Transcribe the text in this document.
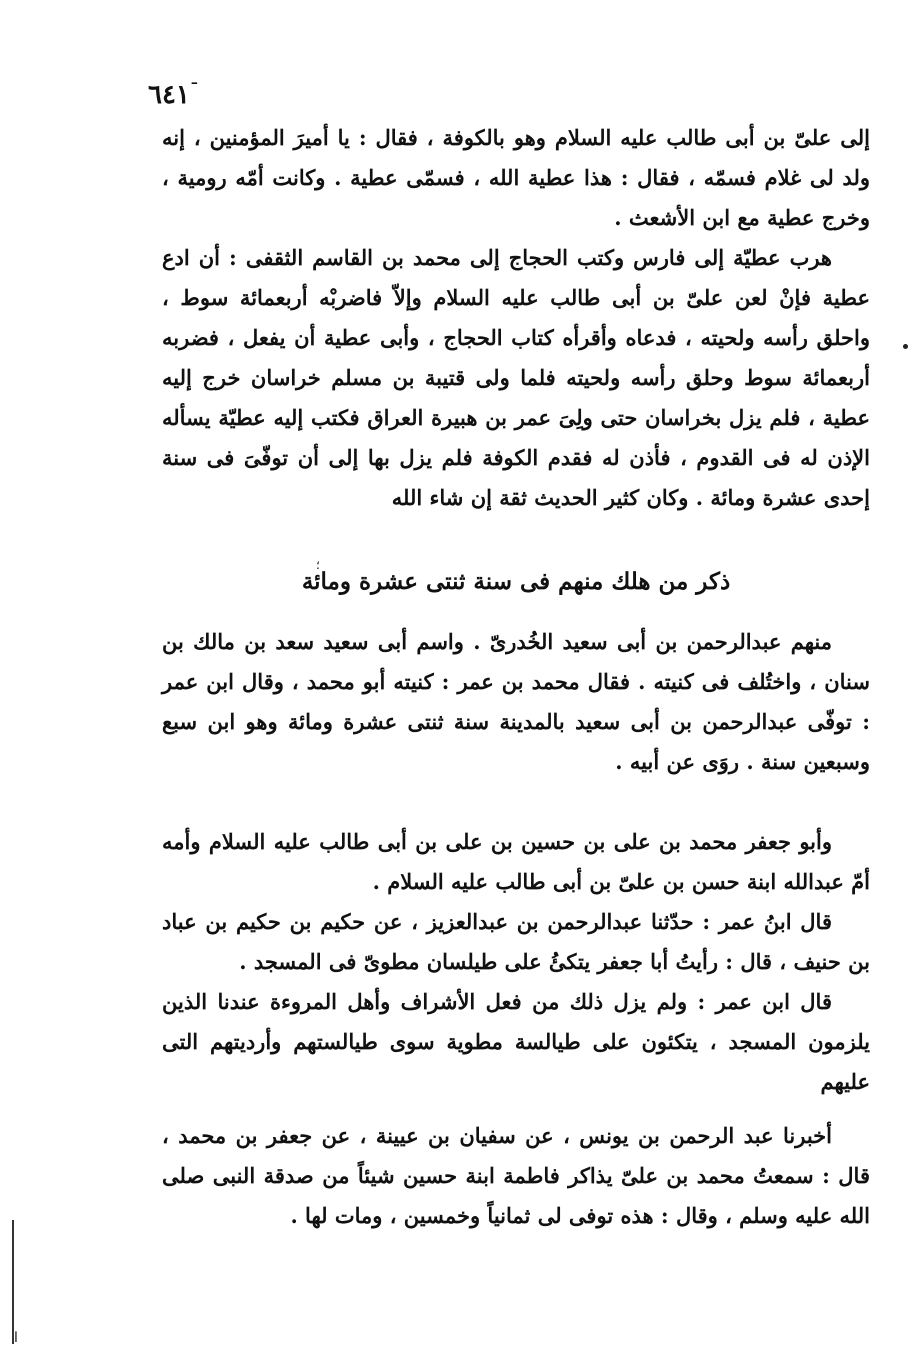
$^ˉ$٦٤١

إلى علىّ بن أبى طالب عليه السلام وهو بالكوفة ، فقال : يا أميرَ المؤمنين ، إنه ولد لى غلام فسمّه ، فقال : هذا عطية الله ، فسمّى عطية . وكانت أمّه رومية ، وخرج عطية مع ابن الأشعث .

هرب عطيّة إلى فارس وكتب الحجاج إلى محمد بن القاسم الثقفى : أن ادع عطية فإنْ لعن علىّ بن أبى طالب عليه السلام وإلاّ فاضربْه أربعمائة سوط ، واحلق رأسه ولحيته ، فدعاه وأقرأه كتاب الحجاج ، وأبى عطية أن يفعل ، فضربه أربعمائة سوط وحلق رأسه ولحيته فلما ولى قتيبة بن مسلم خراسان خرج إليه عطية ، فلم يزل بخراسان حتى ولِىَ عمر بن هبيرة العراق فكتب إليه عطيّة يسأله الإذن له فى القدوم ، فأذن له فقدم الكوفة فلم يزل بها إلى أن توفّىَ فى سنة إحدى عشرة ومائة . وكان كثير الحديث ثقة إن شاء الله

؛
ذكر من هلك منهم فى سنة ثنتى عشرة ومائة

منهم عبدالرحمن بن أبى سعيد الخُدرىّ . واسم أبى سعيد سعد بن مالك بن سنان ، واختُلف فى كنيته . فقال محمد بن عمر : كنيته أبو محمد ، وقال ابن عمر : توفّى عبدالرحمن بن أبى سعيد بالمدينة سنة ثنتى عشرة ومائة وهو ابن سبع وسبعين سنة . روَى عن أبيه .

وأبو جعفر محمد بن على بن حسين بن على بن أبى طالب عليه السلام وأمه أمّ عبدالله ابنة حسن بن علىّ بن أبى طالب عليه السلام .

قال ابنُ عمر : حدّثنا عبدالرحمن بن عبدالعزيز ، عن حكيم بن حكيم بن عباد بن حنيف ، قال : رأيتُ أبا جعفر يتكئُ على طيلسان مطوىّ فى المسجد .

قال ابن عمر : ولم يزل ذلك من فعل الأشراف وأهل المروءة عندنا الذين يلزمون المسجد ، يتكئون على طيالسة مطوية سوى طيالستهم وأرديتهم التى عليهم

أخبرنا عبد الرحمن بن يونس ، عن سفيان بن عيينة ، عن جعفر بن محمد ، قال : سمعتُ محمد بن علىّ يذاكر فاطمة ابنة حسين شيئاً من صدقة النبى صلى الله عليه وسلم ، وقال : هذه توفى لى ثمانياً وخمسين ، ومات لها .

ا
